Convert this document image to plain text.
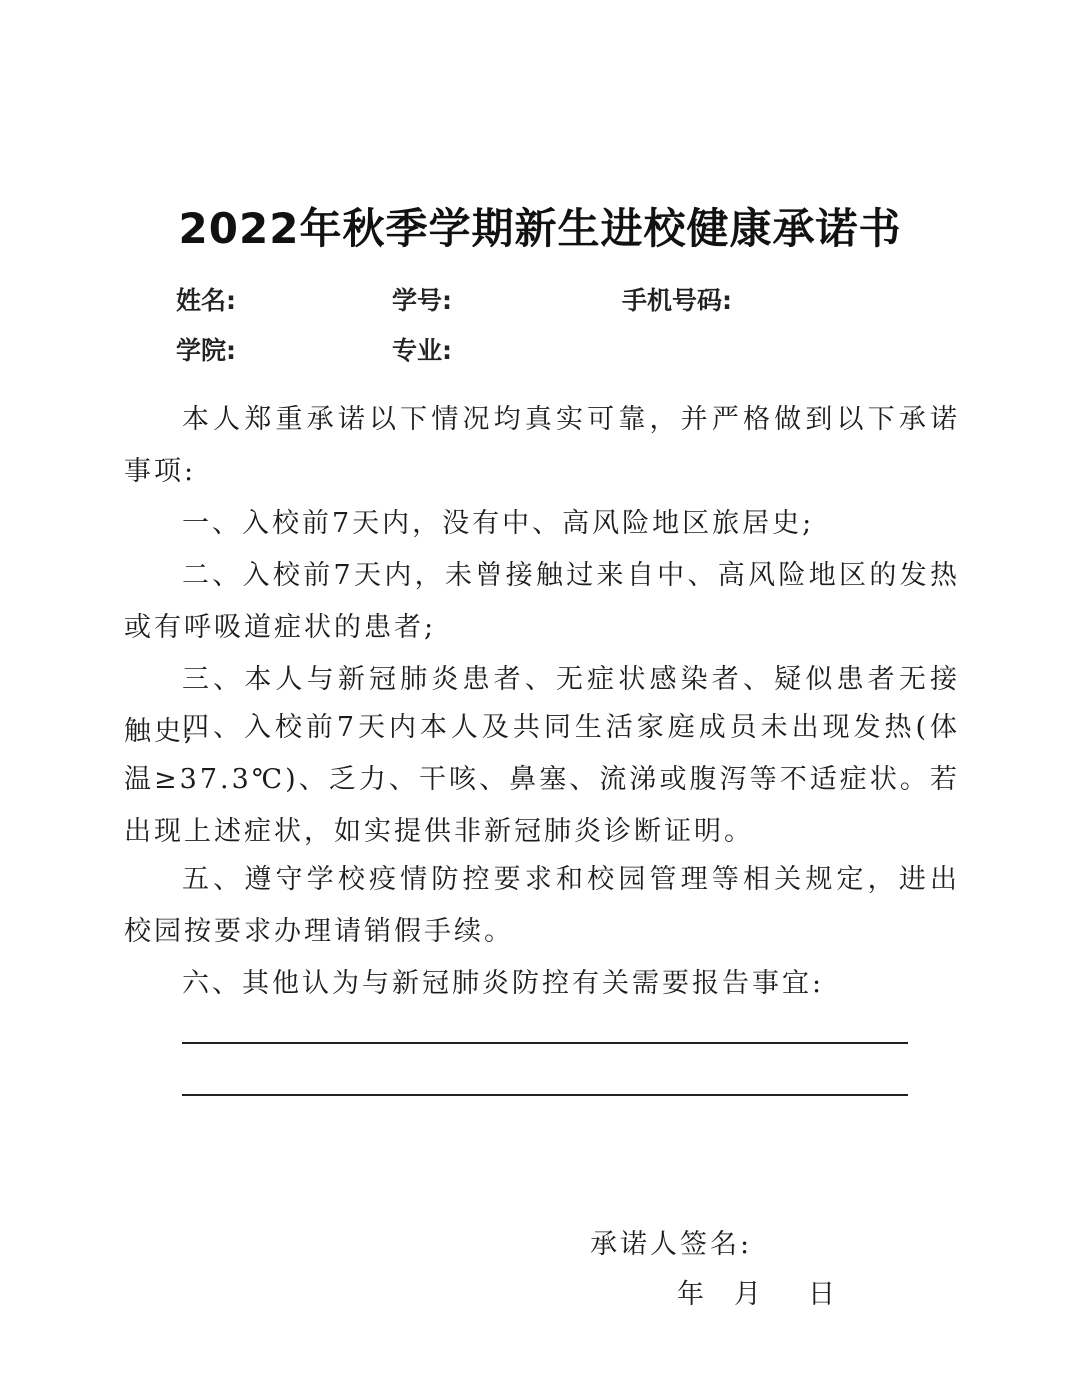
2022年秋季学期新生进校健康承诺书
姓名:	学号:	手机号码:
学院:	专业:
本人郑重承诺以下情况均真实可靠，并严格做到以下承诺事项:
一、入校前7天内，没有中、高风险地区旅居史;
二、入校前7天内，未曾接触过来自中、高风险地区的发热或有呼吸道症状的患者;
三、本人与新冠肺炎患者、无症状感染者、疑似患者无接触史;
四、入校前7天内本人及共同生活家庭成员未出现发热(体温≥37.3℃)、乏力、干咳、鼻塞、流涕或腹泻等不适症状。若出现上述症状，如实提供非新冠肺炎诊断证明。
五、遵守学校疫情防控要求和校园管理等相关规定，进出校园按要求办理请销假手续。
六、其他认为与新冠肺炎防控有关需要报告事宜:
承诺人签名:
年 月 日
